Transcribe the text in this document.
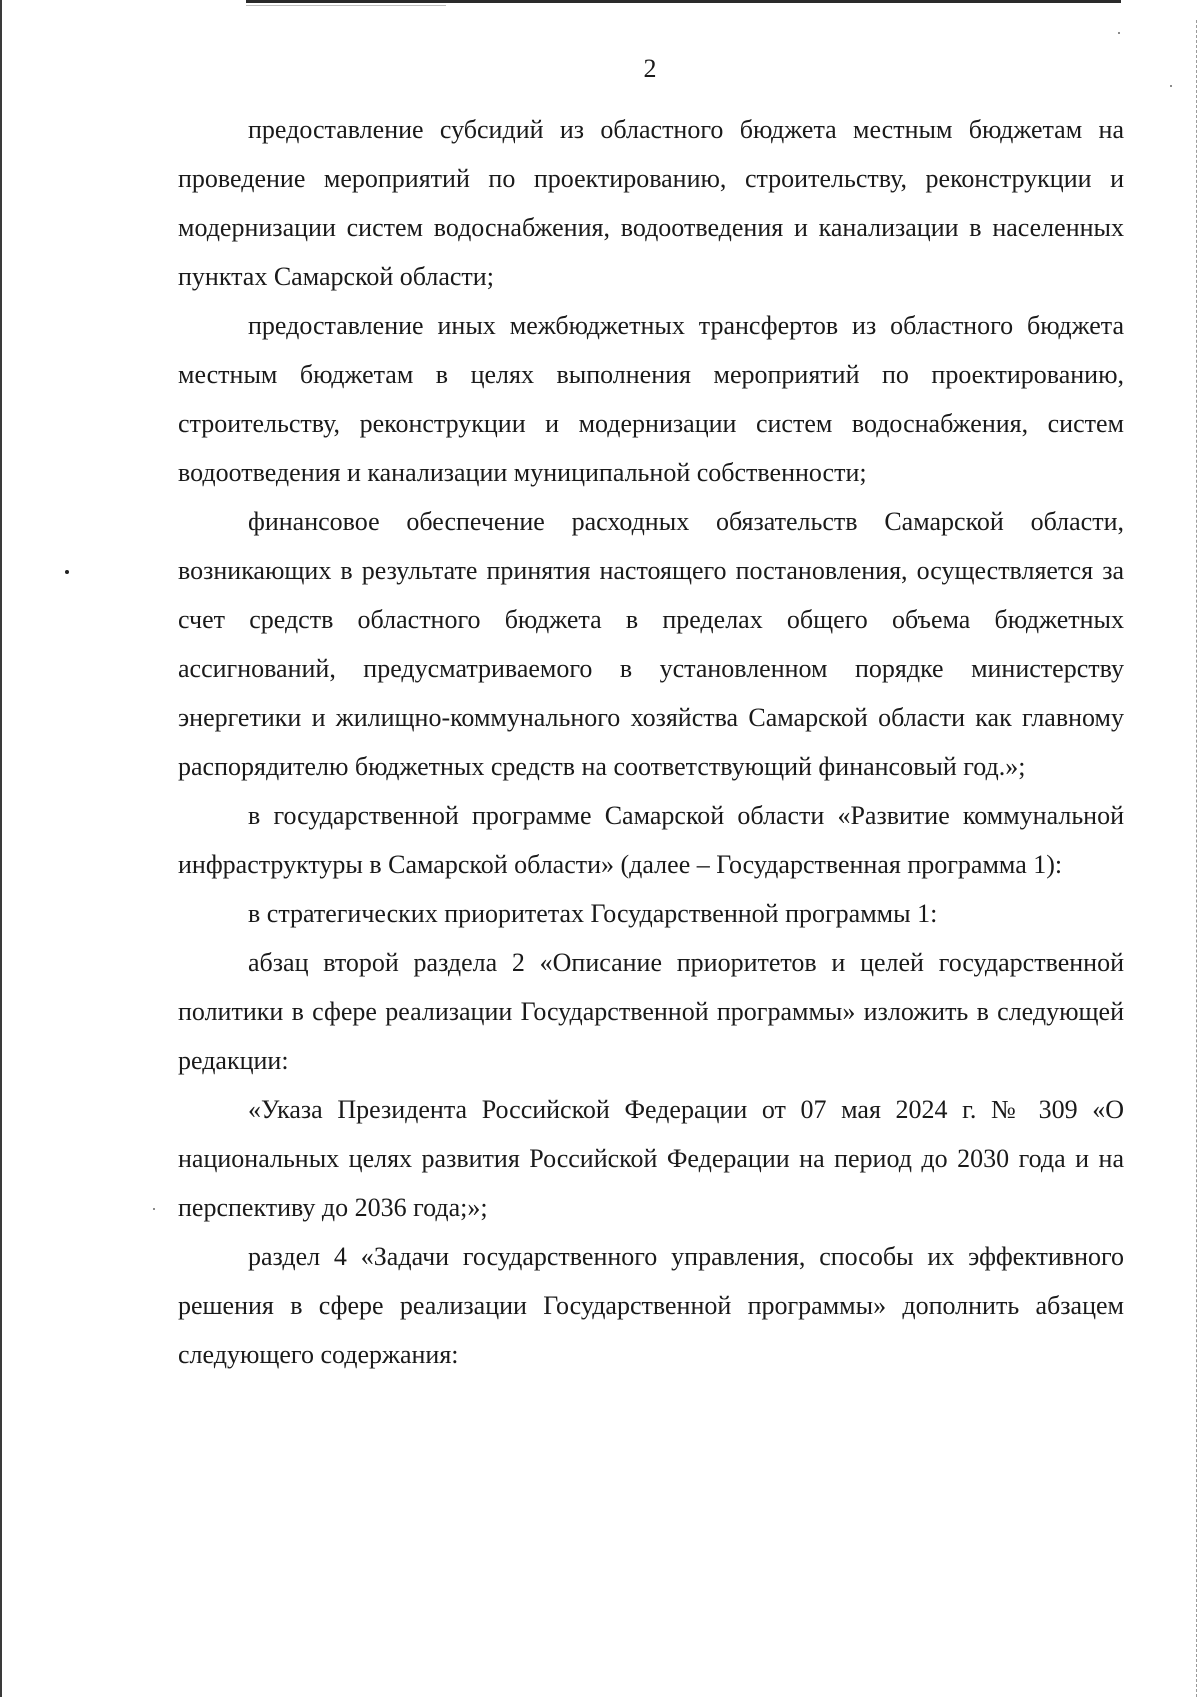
2

предоставление субсидий из областного бюджета местным бюджетам на проведение мероприятий по проектированию, строительству, реконструкции и модернизации систем водоснабжения, водоотведения и канализации в населенных пунктах Самарской области;

предоставление иных межбюджетных трансфертов из областного бюджета местным бюджетам в целях выполнения мероприятий по проектированию, строительству, реконструкции и модернизации систем водоснабжения, систем водоотведения и канализации муниципальной собственности;

финансовое обеспечение расходных обязательств Самарской области, возникающих в результате принятия настоящего постановления, осуществляется за счет средств областного бюджета в пределах общего объема бюджетных ассигнований, предусматриваемого в установленном порядке министерству энергетики и жилищно-коммунального хозяйства Самарской области как главному распорядителю бюджетных средств на соответствующий финансовый год.»;

в государственной программе Самарской области «Развитие коммунальной инфраструктуры в Самарской области» (далее – Государственная программа 1):

в стратегических приоритетах Государственной программы 1:

абзац второй раздела 2 «Описание приоритетов и целей государственной политики в сфере реализации Государственной программы» изложить в следующей редакции:

«Указа Президента Российской Федерации от 07 мая 2024 г. № 309 «О национальных целях развития Российской Федерации на период до 2030 года и на перспективу до 2036 года;»;

раздел 4 «Задачи государственного управления, способы их эффективного решения в сфере реализации Государственной программы» дополнить абзацем следующего содержания:
